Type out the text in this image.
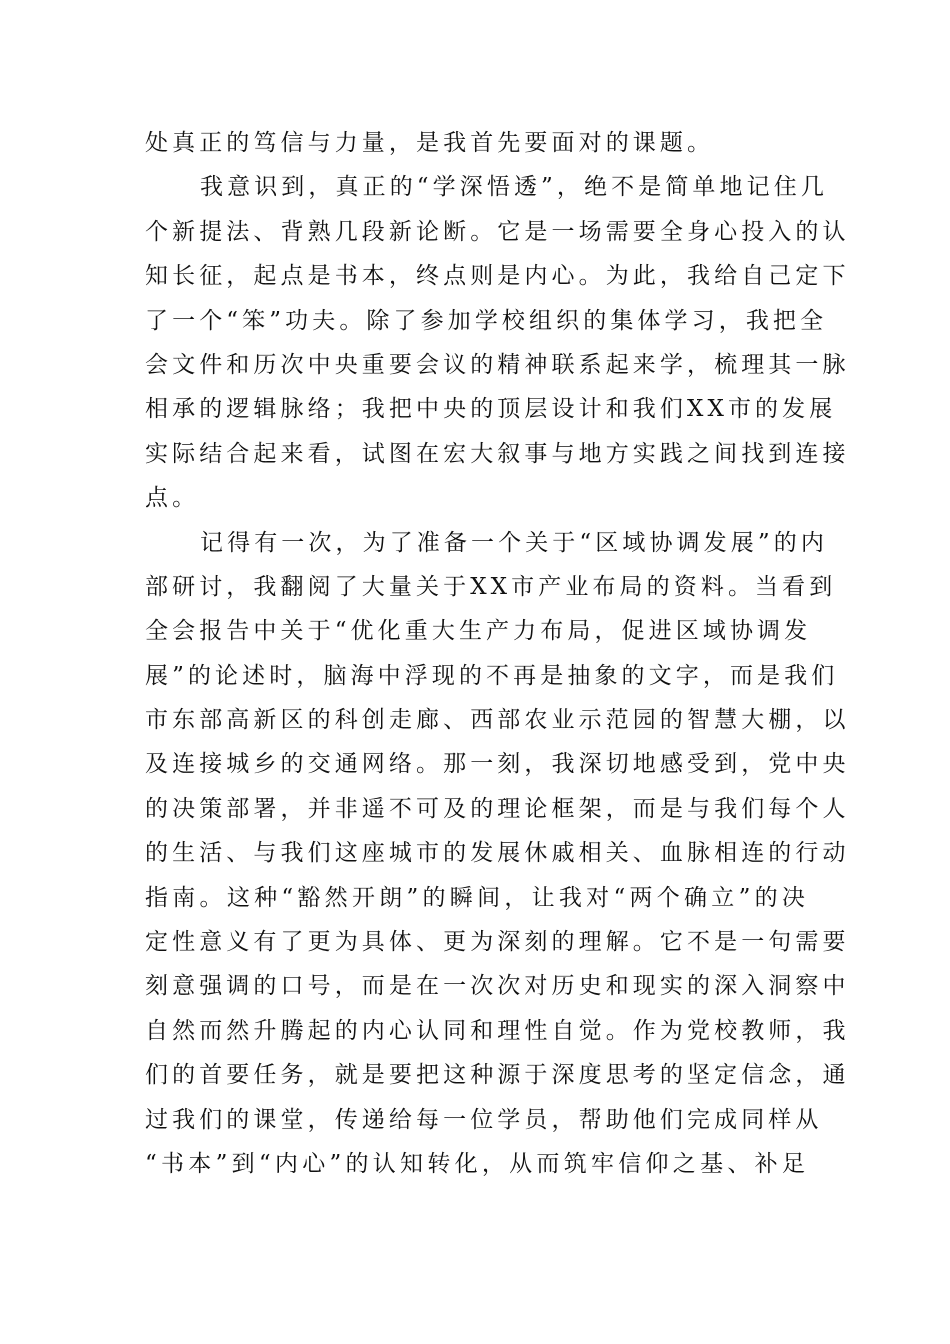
处真正的笃信与力量，是我首先要面对的课题。
我意识到，真正的“学深悟透”，绝不是简单地记住几
个新提法、背熟几段新论断。它是一场需要全身心投入的认
知长征，起点是书本，终点则是内心。为此，我给自己定下
了一个“笨”功夫。除了参加学校组织的集体学习，我把全
会文件和历次中央重要会议的精神联系起来学，梳理其一脉
相承的逻辑脉络；我把中央的顶层设计和我们XX市的发展
实际结合起来看，试图在宏大叙事与地方实践之间找到连接
点。
记得有一次，为了准备一个关于“区域协调发展”的内
部研讨，我翻阅了大量关于XX市产业布局的资料。当看到
全会报告中关于“优化重大生产力布局，促进区域协调发
展”的论述时，脑海中浮现的不再是抽象的文字，而是我们
市东部高新区的科创走廊、西部农业示范园的智慧大棚，以
及连接城乡的交通网络。那一刻，我深切地感受到，党中央
的决策部署，并非遥不可及的理论框架，而是与我们每个人
的生活、与我们这座城市的发展休戚相关、血脉相连的行动
指南。这种“豁然开朗”的瞬间，让我对“两个确立”的决
定性意义有了更为具体、更为深刻的理解。它不是一句需要
刻意强调的口号，而是在一次次对历史和现实的深入洞察中
自然而然升腾起的内心认同和理性自觉。作为党校教师，我
们的首要任务，就是要把这种源于深度思考的坚定信念，通
过我们的课堂，传递给每一位学员，帮助他们完成同样从
“书本”到“内心”的认知转化，从而筑牢信仰之基、补足
